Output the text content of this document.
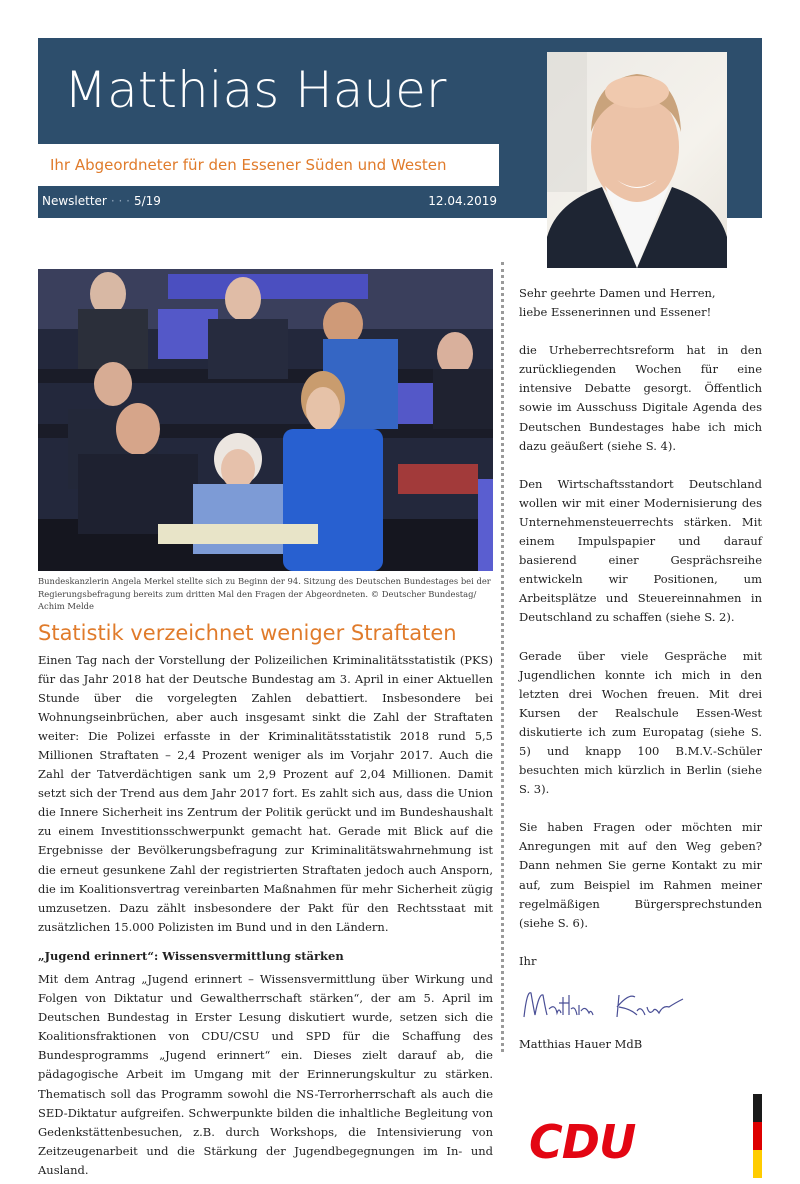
Matthias Hauer
Ihr Abgeordneter für den Essener Süden und Westen
Newsletter · · · 5/19	12.04.2019
Bundeskanzlerin Angela Merkel stellte sich zu Beginn der 94. Sitzung des Deutschen Bundestages bei der Regierungsbefragung bereits zum dritten Mal den Fragen der Abgeordneten. © Deutscher Bundestag/ Achim Melde
Statistik verzeichnet weniger Straftaten
Einen Tag nach der Vorstellung der Polizeilichen Kriminalitätsstatistik (PKS) für das Jahr 2018 hat der Deutsche Bundestag am 3. April in einer Aktuellen Stunde über die vorgelegten Zahlen debattiert. Insbesondere bei Wohnungseinbrüchen, aber auch insgesamt sinkt die Zahl der Straftaten weiter: Die Polizei erfasste in der Kriminalitätsstatistik 2018 rund 5,5 Millionen Straftaten – 2,4 Prozent weniger als im Vorjahr 2017. Auch die Zahl der Tatverdächtigen sank um 2,9 Prozent auf 2,04 Millionen. Damit setzt sich der Trend aus dem Jahr 2017 fort. Es zahlt sich aus, dass die Union die Innere Sicherheit ins Zentrum der Politik gerückt und im Bundeshaushalt zu einem Investitionsschwerpunkt gemacht hat. Gerade mit Blick auf die Ergebnisse der Bevölkerungsbefragung zur Kriminalitätswahrnehmung ist die erneut gesunkene Zahl der registrierten Straftaten jedoch auch Ansporn, die im Koalitionsvertrag vereinbarten Maßnahmen für mehr Sicherheit zügig umzusetzen. Dazu zählt insbesondere der Pakt für den Rechtsstaat mit zusätzlichen 15.000 Polizisten im Bund und in den Ländern.
„Jugend erinnert“: Wissensvermittlung stärken
Mit dem Antrag „Jugend erinnert – Wissensvermittlung über Wirkung und Folgen von Diktatur und Gewaltherrschaft stärken“, der am 5. April im Deutschen Bundestag in Erster Lesung diskutiert wurde, setzen sich die Koalitionsfraktionen von CDU/CSU und SPD für die Schaffung des Bundesprogramms „Jugend erinnert“ ein. Dieses zielt darauf ab, die pädagogische Arbeit im Umgang mit der Erinnerungskultur zu stärken. Thematisch soll das Programm sowohl die NS-Terrorherrschaft als auch die SED-Diktatur aufgreifen. Schwerpunkte bilden die inhaltliche Begleitung von Gedenkstättenbesuchen, z.B. durch Workshops, die Intensivierung von Zeitzeugenarbeit und die Stärkung der Jugendbegegnungen im In- und Ausland.
Sehr geehrte Damen und Herren,
liebe Essenerinnen und Essener!
die Urheberrechtsreform hat in den zurückliegenden Wochen für eine intensive Debatte gesorgt. Öffentlich sowie im Ausschuss Digitale Agenda des Deutschen Bundestages habe ich mich dazu geäußert (siehe S. 4).
Den Wirtschaftsstandort Deutschland wollen wir mit einer Modernisierung des Unternehmensteuerrechts stärken. Mit einem Impulspapier und darauf basierend einer Gesprächsreihe entwickeln wir Positionen, um Arbeitsplätze und Steuereinnahmen in Deutschland zu schaffen (siehe S. 2).
Gerade über viele Gespräche mit Jugendlichen konnte ich mich in den letzten drei Wochen freuen. Mit drei Kursen der Realschule Essen-West diskutierte ich zum Europatag (siehe S. 5) und knapp 100 B.M.V.-Schüler besuchten mich kürzlich in Berlin (siehe S. 3).
Sie haben Fragen oder möchten mir Anregungen mit auf den Weg geben? Dann nehmen Sie gerne Kontakt zu mir auf, zum Beispiel im Rahmen meiner regelmäßigen Bürgersprechstunden (siehe S. 6).
Ihr
Matthias Hauer MdB
CDU
